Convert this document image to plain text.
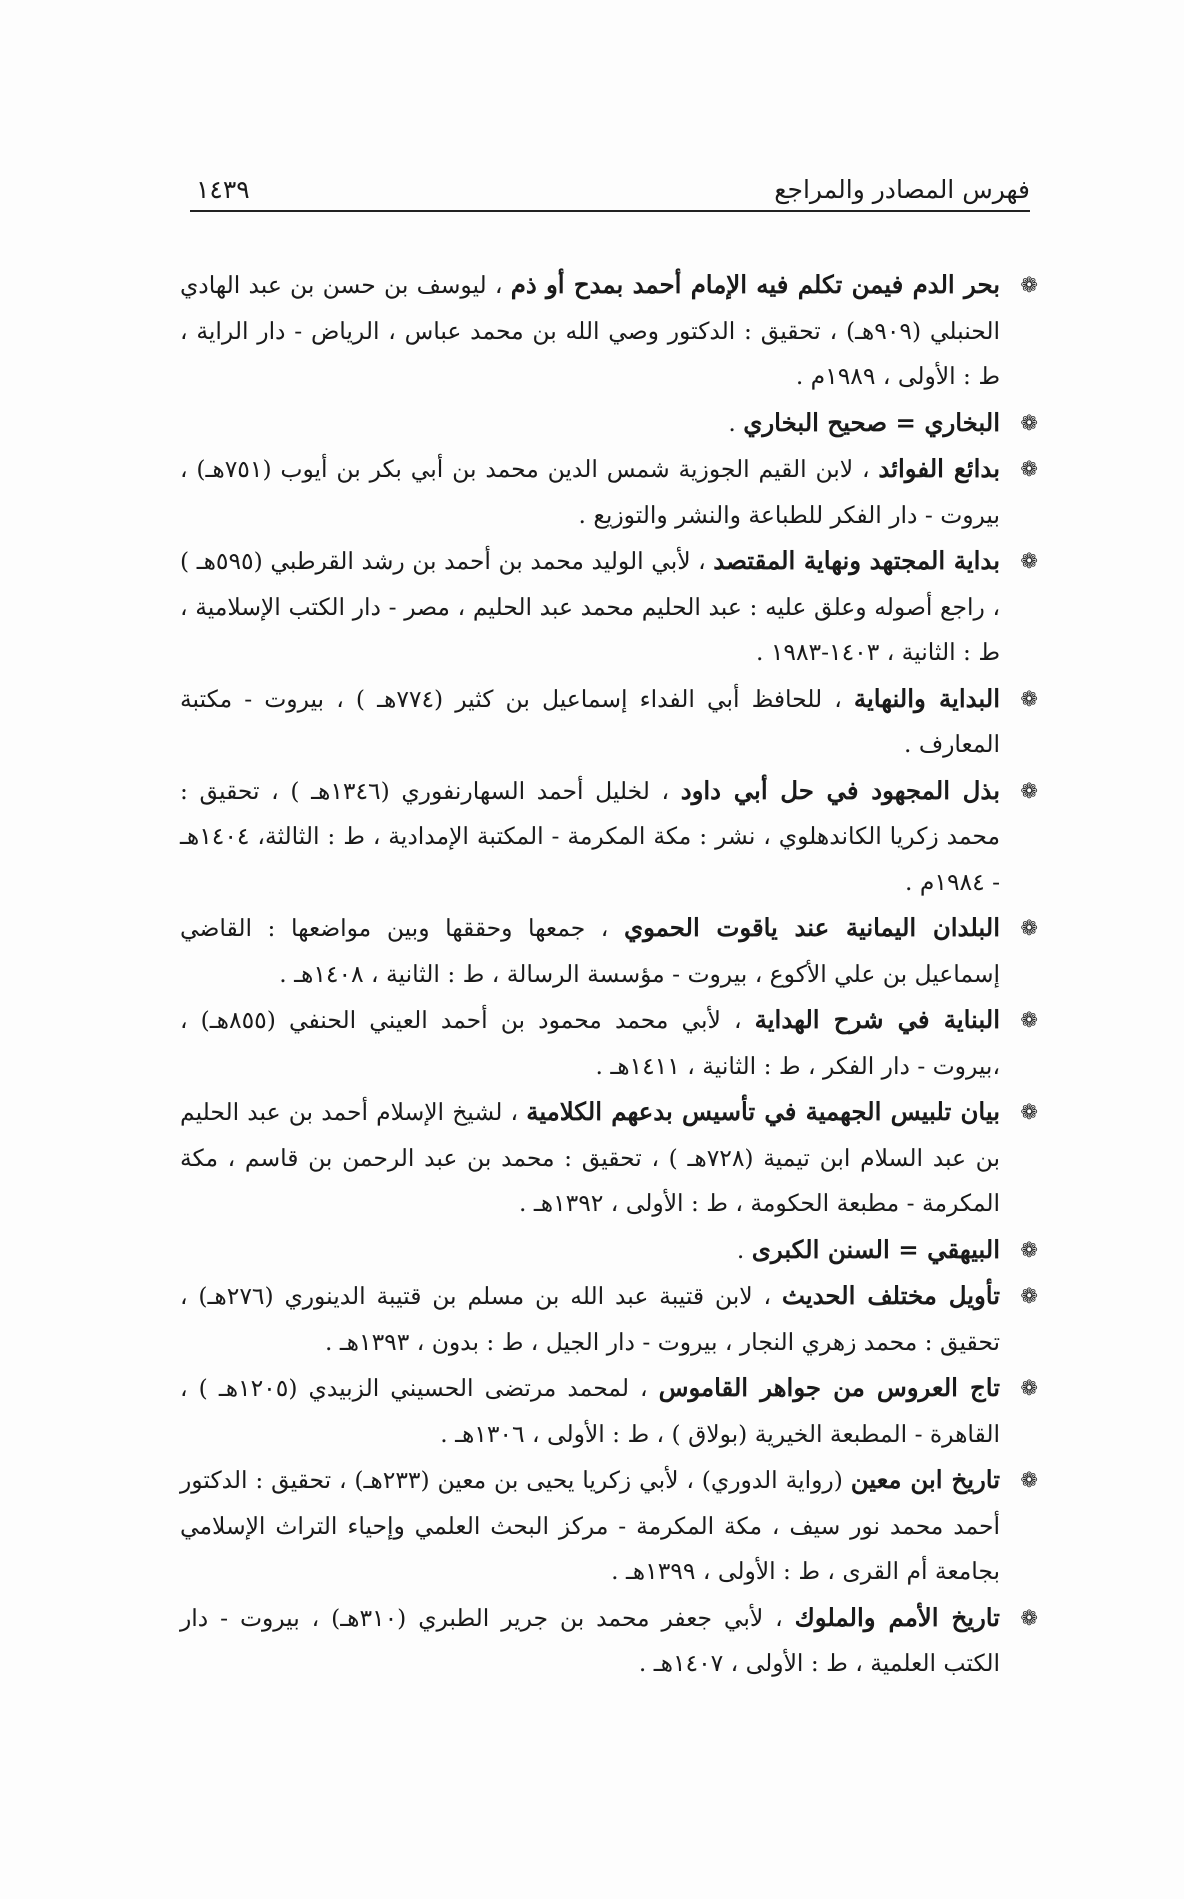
فهرس المصادر والمراجع
١٤٣٩

❁
بحر الدم فيمن تكلم فيه الإمام أحمد بمدح أو ذم ، ليوسف بن حسن بن عبد الهادي الحنبلي (٩٠٩هـ) ، تحقيق : الدكتور وصي الله بن محمد عباس ، الرياض - دار الراية ، ط : الأولى ، ١٩٨٩م .

❁
البخاري = صحيح البخاري .

❁
بدائع الفوائد ، لابن القيم الجوزية شمس الدين محمد بن أبي بكر بن أيوب (٧٥١هـ) ، بيروت - دار الفكر للطباعة والنشر والتوزيع .

❁
بداية المجتهد ونهاية المقتصد ، لأبي الوليد محمد بن أحمد بن رشد القرطبي (٥٩٥هـ ) ، راجع أصوله وعلق عليه : عبد الحليم محمد عبد الحليم ، مصر - دار الكتب الإسلامية ، ط : الثانية ، ١٤٠٣-١٩٨٣ .

❁
البداية والنهاية ، للحافظ أبي الفداء إسماعيل بن كثير (٧٧٤هـ ) ، بيروت - مكتبة المعارف .

❁
بذل المجهود في حل أبي داود ، لخليل أحمد السهارنفوري (١٣٤٦هـ ) ، تحقيق : محمد زكريا الكاندهلوي ، نشر : مكة المكرمة - المكتبة الإمدادية ، ط : الثالثة، ١٤٠٤هـ - ١٩٨٤م .

❁
البلدان اليمانية عند ياقوت الحموي ، جمعها وحققها وبين مواضعها : القاضي إسماعيل بن علي الأكوع ، بيروت - مؤسسة الرسالة ، ط : الثانية ، ١٤٠٨هـ .

❁
البناية في شرح الهداية ، لأبي محمد محمود بن أحمد العيني الحنفي (٨٥٥هـ) ، ،بيروت - دار الفكر ، ط : الثانية ، ١٤١١هـ .

❁
بيان تلبيس الجهمية في تأسيس بدعهم الكلامية ، لشيخ الإسلام أحمد بن عبد الحليم بن عبد السلام ابن تيمية (٧٢٨هـ ) ، تحقيق : محمد بن عبد الرحمن بن قاسم ، مكة المكرمة - مطبعة الحكومة ، ط : الأولى ، ١٣٩٢هـ .

❁
البيهقي = السنن الكبرى .

❁
تأويل مختلف الحديث ، لابن قتيبة عبد الله بن مسلم بن قتيبة الدينوري (٢٧٦هـ) ، تحقيق : محمد زهري النجار ، بيروت - دار الجيل ، ط : بدون ، ١٣٩٣هـ .

❁
تاج العروس من جواهر القاموس ، لمحمد مرتضى الحسيني الزبيدي (١٢٠٥هـ ) ، القاهرة - المطبعة الخيرية (بولاق ) ، ط : الأولى ، ١٣٠٦هـ .

❁
تاريخ ابن معين (رواية الدوري) ، لأبي زكريا يحيى بن معين (٢٣٣هـ) ، تحقيق : الدكتور أحمد محمد نور سيف ، مكة المكرمة - مركز البحث العلمي وإحياء التراث الإسلامي بجامعة أم القرى ، ط : الأولى ، ١٣٩٩هـ .

❁
تاريخ الأمم والملوك ، لأبي جعفر محمد بن جرير الطبري (٣١٠هـ) ، بيروت - دار الكتب العلمية ، ط : الأولى ، ١٤٠٧هـ .
